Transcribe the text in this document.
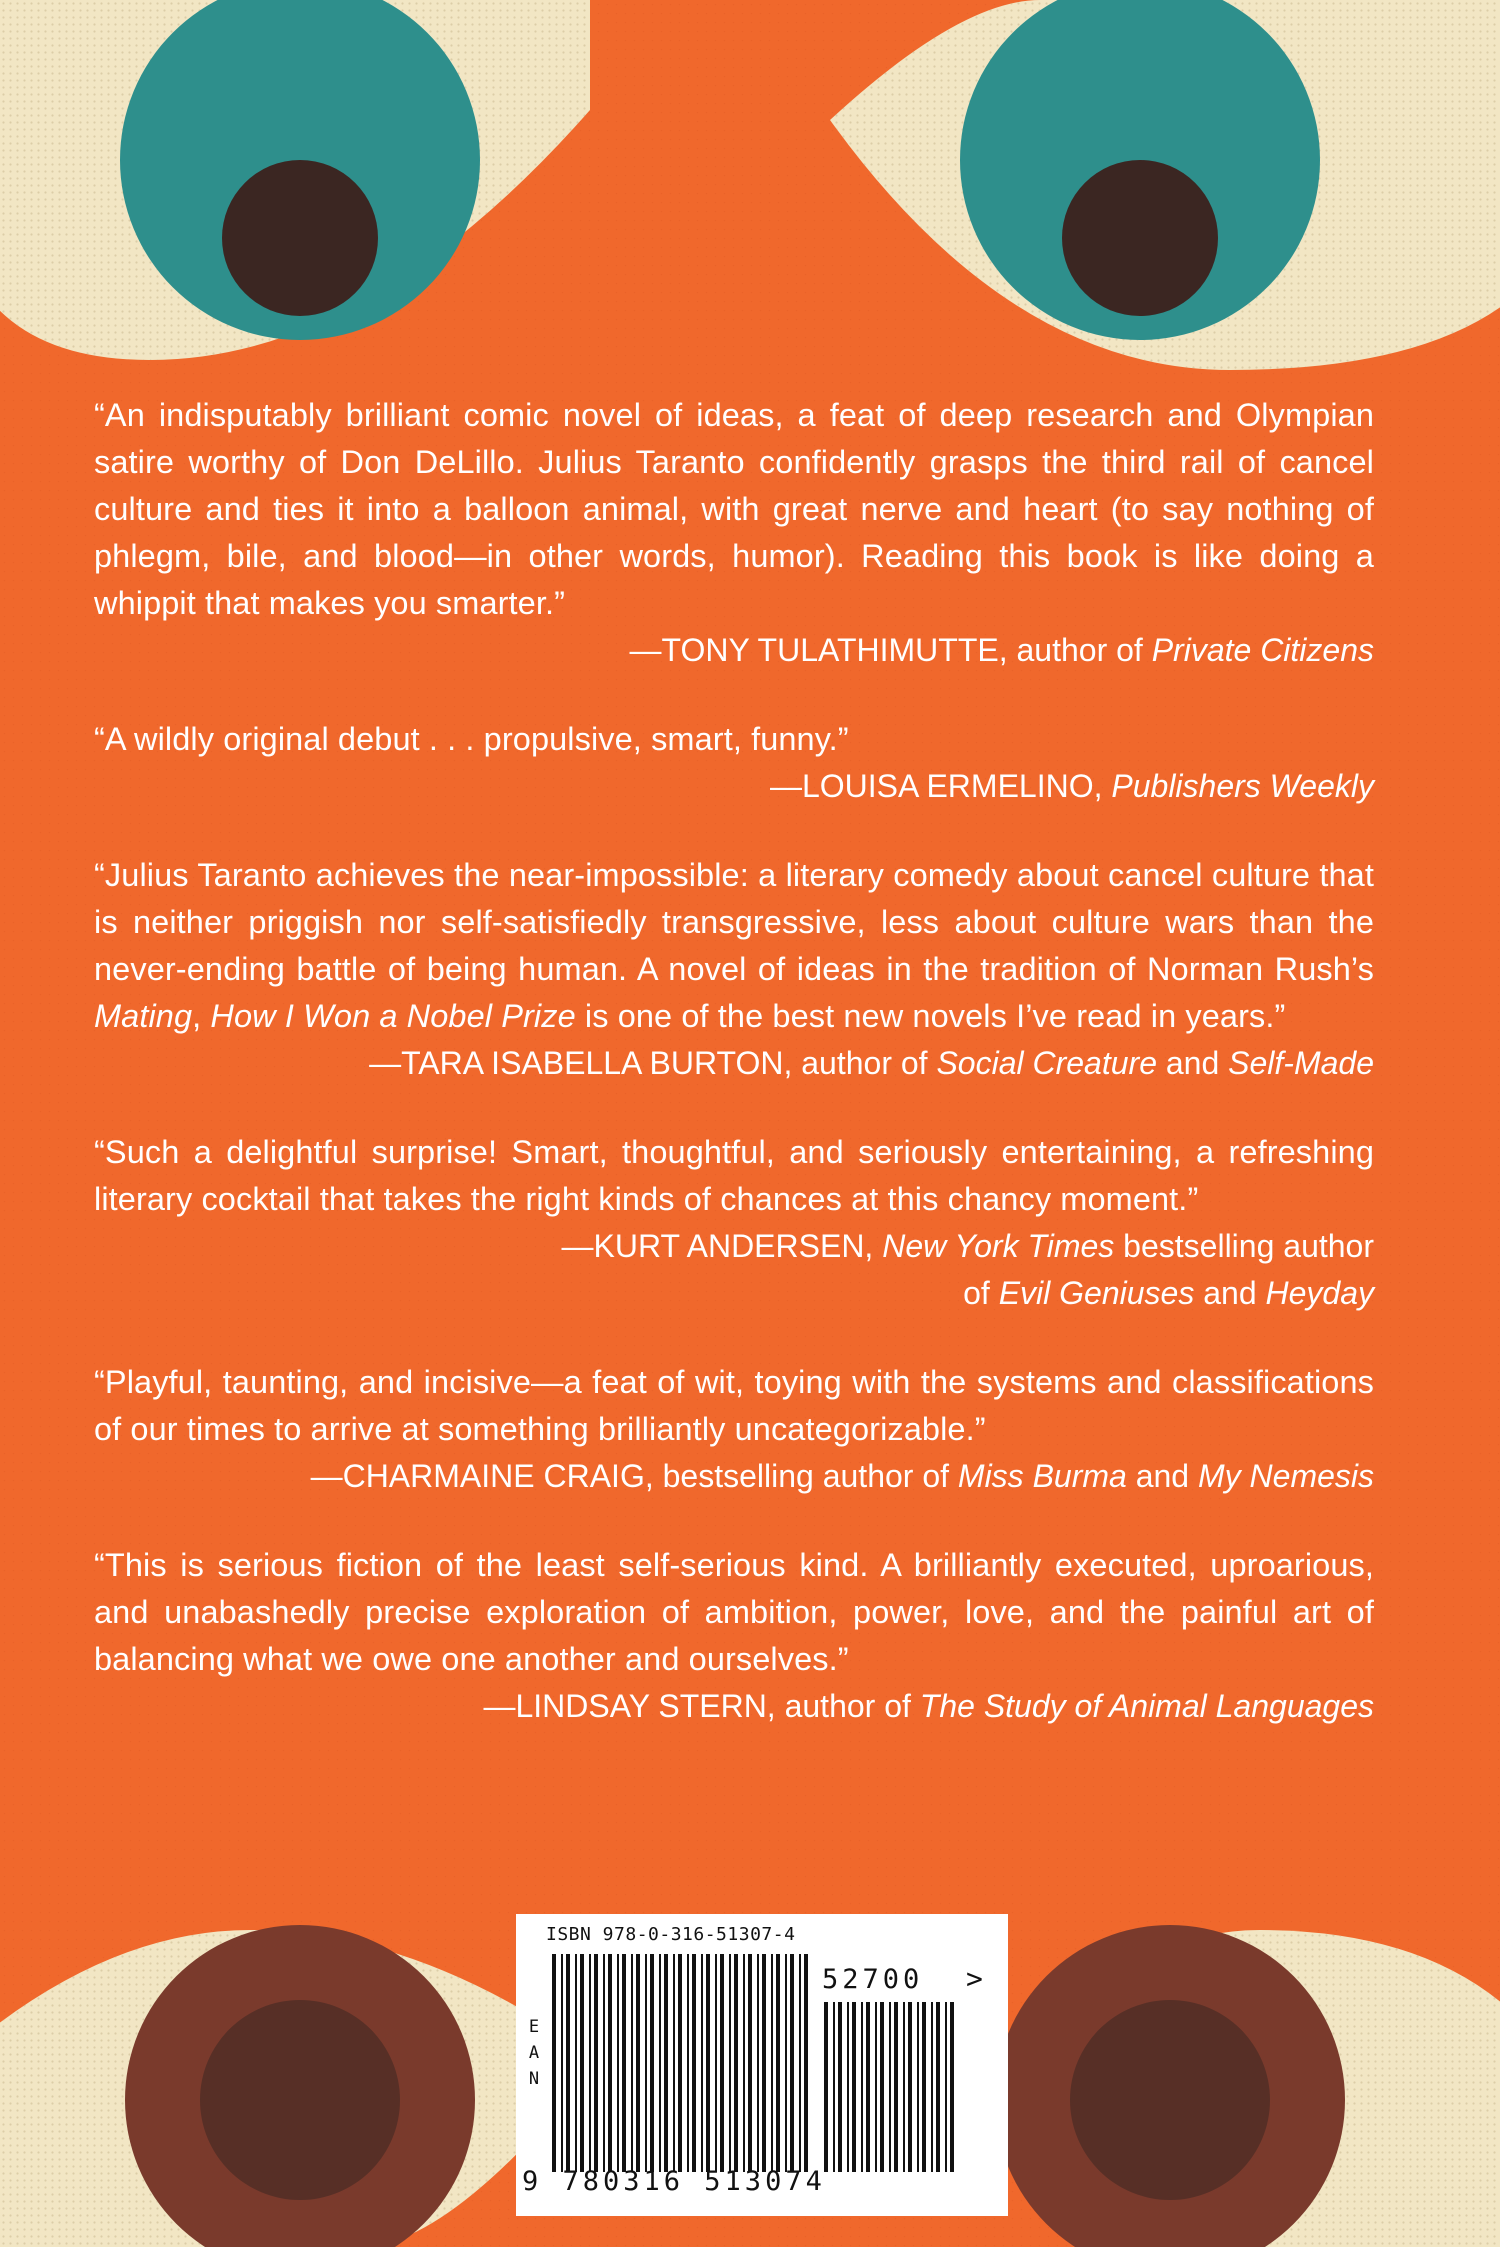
“An indisputably brilliant comic novel of ideas, a feat of deep research and Olympian satire worthy of Don DeLillo. Julius Taranto confidently grasps the third rail of cancel culture and ties it into a balloon animal, with great nerve and heart (to say nothing of phlegm, bile, and blood—in other words, humor). Reading this book is like doing a whippit that makes you smarter.”

—TONY TULATHIMUTTE, author of Private Citizens

“A wildly original debut . . . propulsive, smart, funny.”

—LOUISA ERMELINO, Publishers Weekly

“Julius Taranto achieves the near-impossible: a literary comedy about cancel culture that is neither priggish nor self-satisfiedly transgressive, less about culture wars than the never-ending battle of being human. A novel of ideas in the tradition of Norman Rush’s Mating, How I Won a Nobel Prize is one of the best new novels I’ve read in years.”

—TARA ISABELLA BURTON, author of Social Creature and Self-Made

“Such a delightful surprise! Smart, thoughtful, and seriously entertaining, a refreshing literary cocktail that takes the right kinds of chances at this chancy moment.”

—KURT ANDERSEN, New York Times bestselling author
of Evil Geniuses and Heyday

“Playful, taunting, and incisive—a feat of wit, toying with the systems and classifications of our times to arrive at something brilliantly uncategorizable.”

—CHARMAINE CRAIG, bestselling author of Miss Burma and My Nemesis

“This is serious fiction of the least self-serious kind. A brilliantly executed, uproarious, and unabashedly precise exploration of ambition, power, love, and the painful art of balancing what we owe one another and ourselves.”

—LINDSAY STERN, author of The Study of Animal Languages

ISBN 978-0-316-51307-4
E
A
N
52700 >
9 780316 513074
